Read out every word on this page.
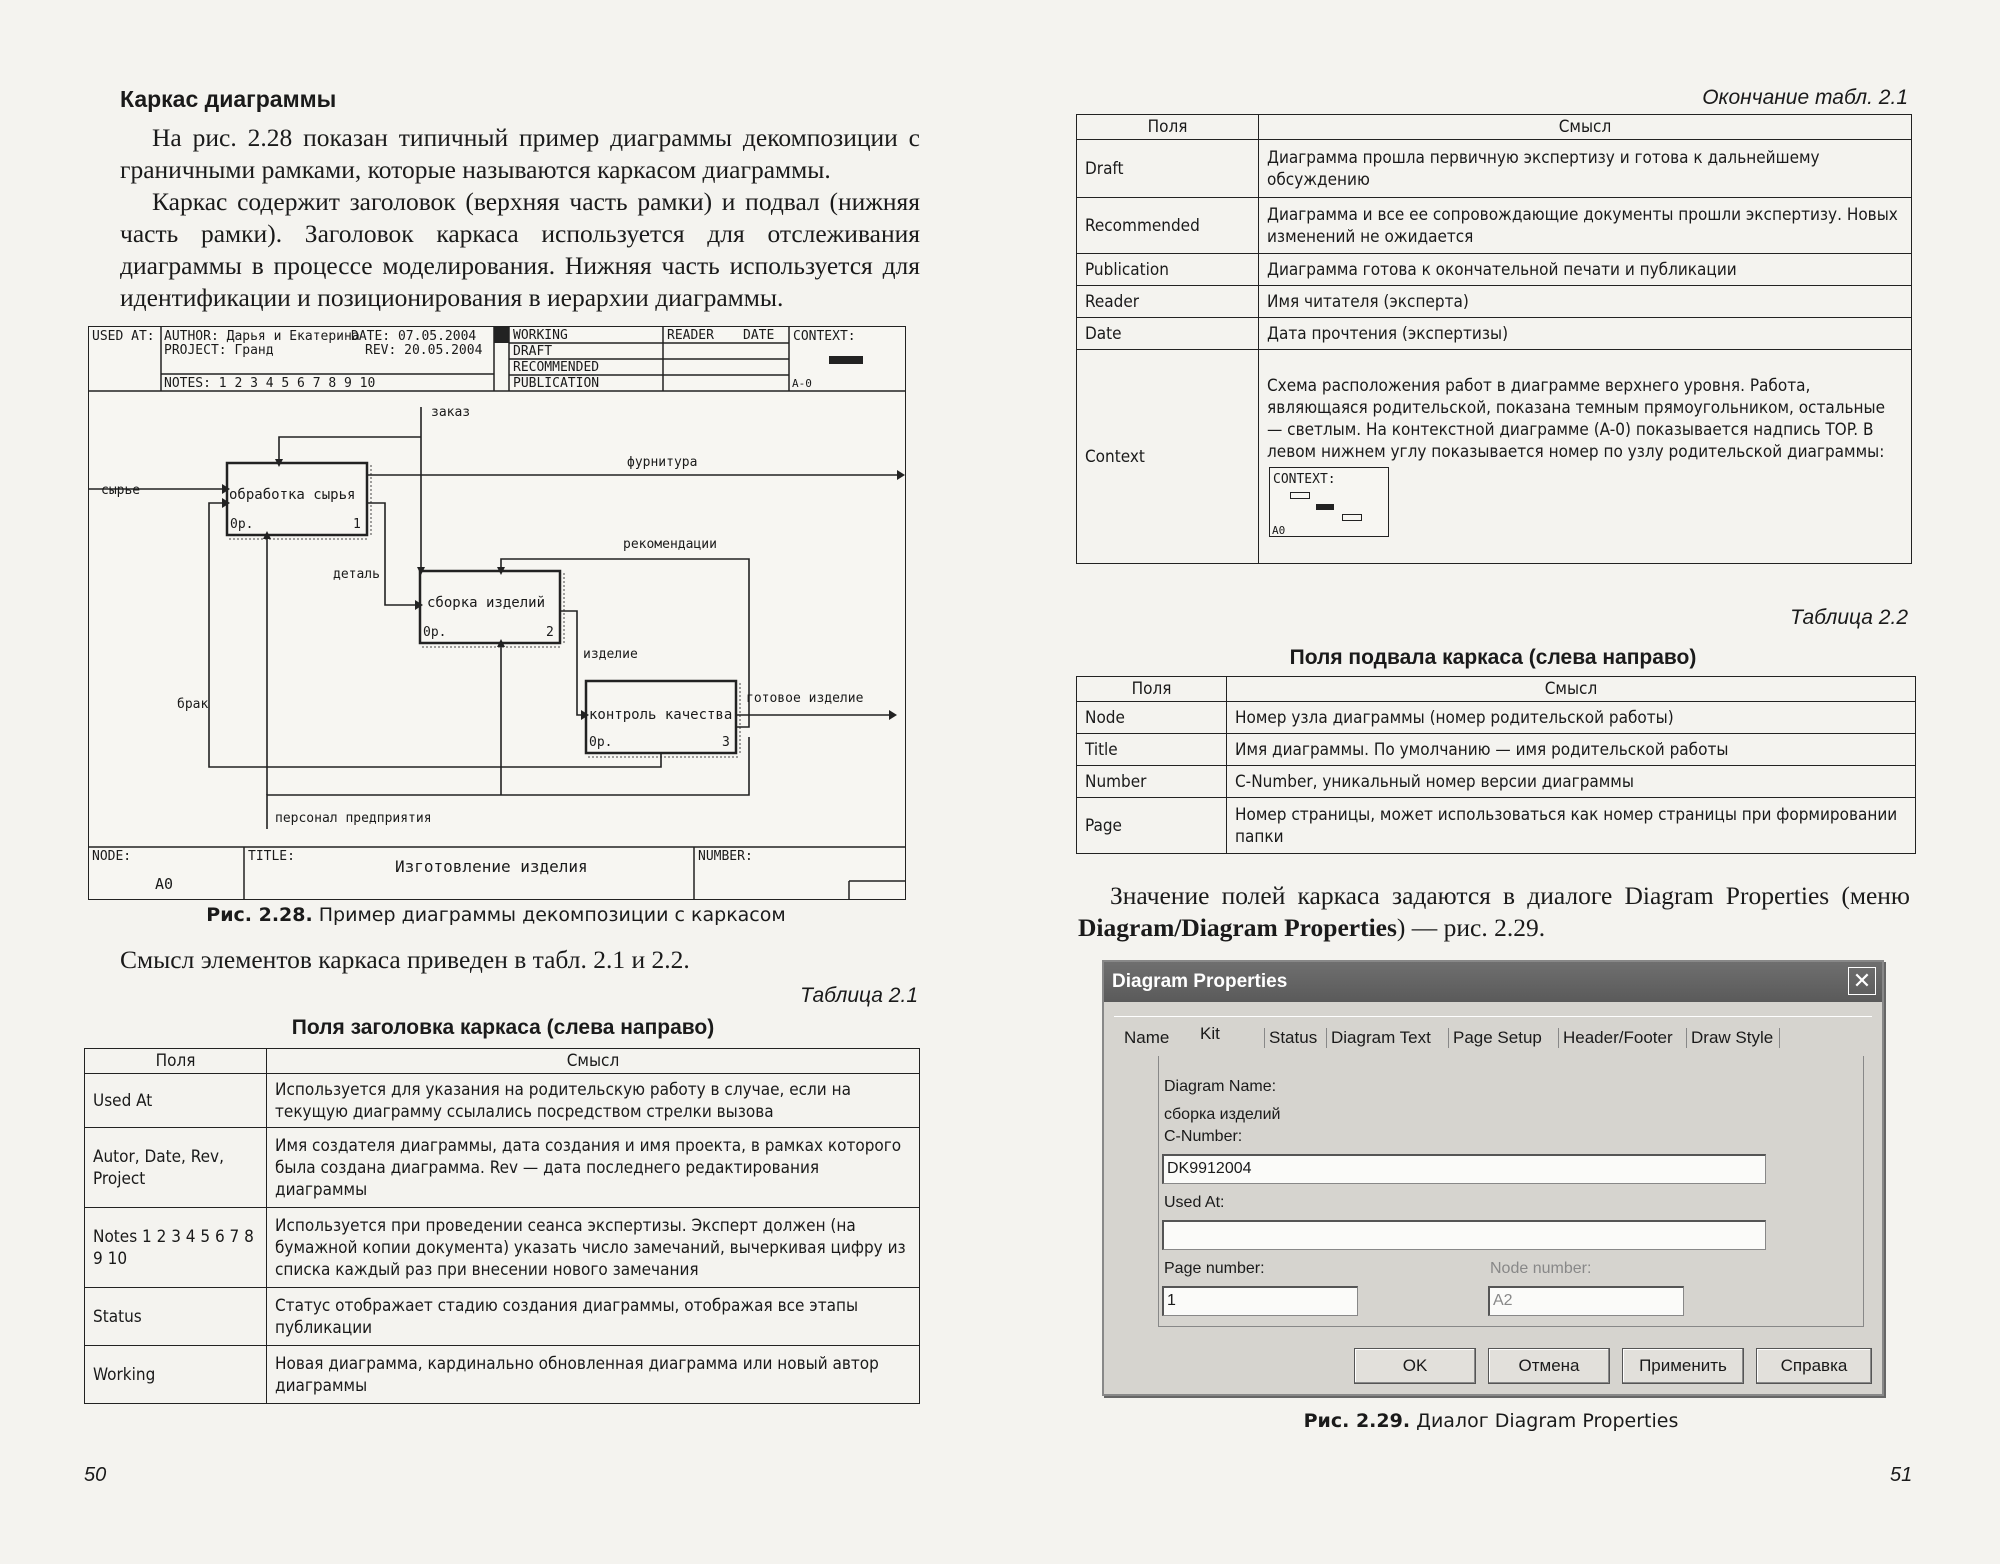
Каркас диаграммы

На рис. 2.28 показан типичный пример диаграммы декомпозиции с граничными рамками, которые называются каркасом диаграммы.

Каркас содержит заголовок (верхняя часть рамки) и подвал (нижняя часть рамки). Заголовок каркаса используется для отслеживания диаграммы в процессе моделирования. Нижняя часть используется для идентификации и позиционирования в иерархии диаграммы.

USED AT: AUTHOR: Дарья и Екатерина
DATE: 07.05.2004
PROJECT: Гранд	REV: 20.05.2004
NOTES: 1 2 3 4 5 6 7 8 9 10
WORKING
DRAFT
RECOMMENDED
PUBLICATION
READER DATE CONTEXT:
A-0
обработка сырья
0р.	1
сборка изделий
0р.	2
контроль качества
0р.	3
заказ
фурнитура
сырье
рекомендации
деталь
изделие
брак	готовое изделие
персонал предприятия
NODE:
A0
TITLE:
Изготовление изделия
NUMBER:
Рис. 2.28. Пример диаграммы декомпозиции с каркасом

Смысл элементов каркаса приведен в табл. 2.1 и 2.2.

Таблица 2.1
Поля заголовка каркаса (слева направо)
Поля	Смысл
Used At	Используется для указания на родительскую работу в случае, если на текущую диаграмму ссылались посредством стрелки вызова
Autor, Date, Rev, Project	Имя создателя диаграммы, дата создания и имя проекта, в рамках которого была создана диаграмма. Rev — дата последнего редактирования диаграммы
Notes 1 2 3 4 5 6 7 8 9 10	Используется при проведении сеанса экспертизы. Эксперт должен (на бумажной копии документа) указать число замечаний, вычеркивая цифру из списка каждый раз при внесении нового замечания
Status	Статус отображает стадию создания диаграммы, отображая все этапы публикации
Working	Новая диаграмма, кардинально обновленная диаграмма или новый автор диаграммы
50
Окончание табл. 2.1
Поля	Смысл
Draft	Диаграмма прошла первичную экспертизу и готова к дальнейшему обсуждению
Recommended	Диаграмма и все ее сопровождающие документы прошли экспертизу. Новых изменений не ожидается
Publication	Диаграмма готова к окончательной печати и публикации
Reader	Имя читателя (эксперта)
Date	Дата прочтения (экспертизы)
Context	Схема расположения работ в диаграмме верхнего уровня. Работа, являющаяся родительской, показана темным прямоугольником, остальные — светлым. На контекстной диаграмме (A-0) показывается надпись TOP. В левом нижнем углу показывается номер по узлу родительской диаграммы:
CONTEXT:
A0
Таблица 2.2
Поля подвала каркаса (слева направо)
Поля	Смысл
Node	Номер узла диаграммы (номер родительской работы)
Title	Имя диаграммы. По умолчанию — имя родительской работы
Number	C-Number, уникальный номер версии диаграммы
Page	Номер страницы, может использоваться как номер страницы при формировании папки

Значение полей каркаса задаются в диалоге Diagram Properties (меню Diagram/Diagram Properties) — рис. 2.29.

Diagram Properties	✕
Name Kit	Status Diagram Text Page Setup Header/Footer Draw Style
Diagram Name:
сборка изделий
C-Number:
DK9912004
Used At:
Page number:
1
Node number:
A2
OK	Отмена	Применить	Справка
Рис. 2.29. Диалог Diagram Properties
51
